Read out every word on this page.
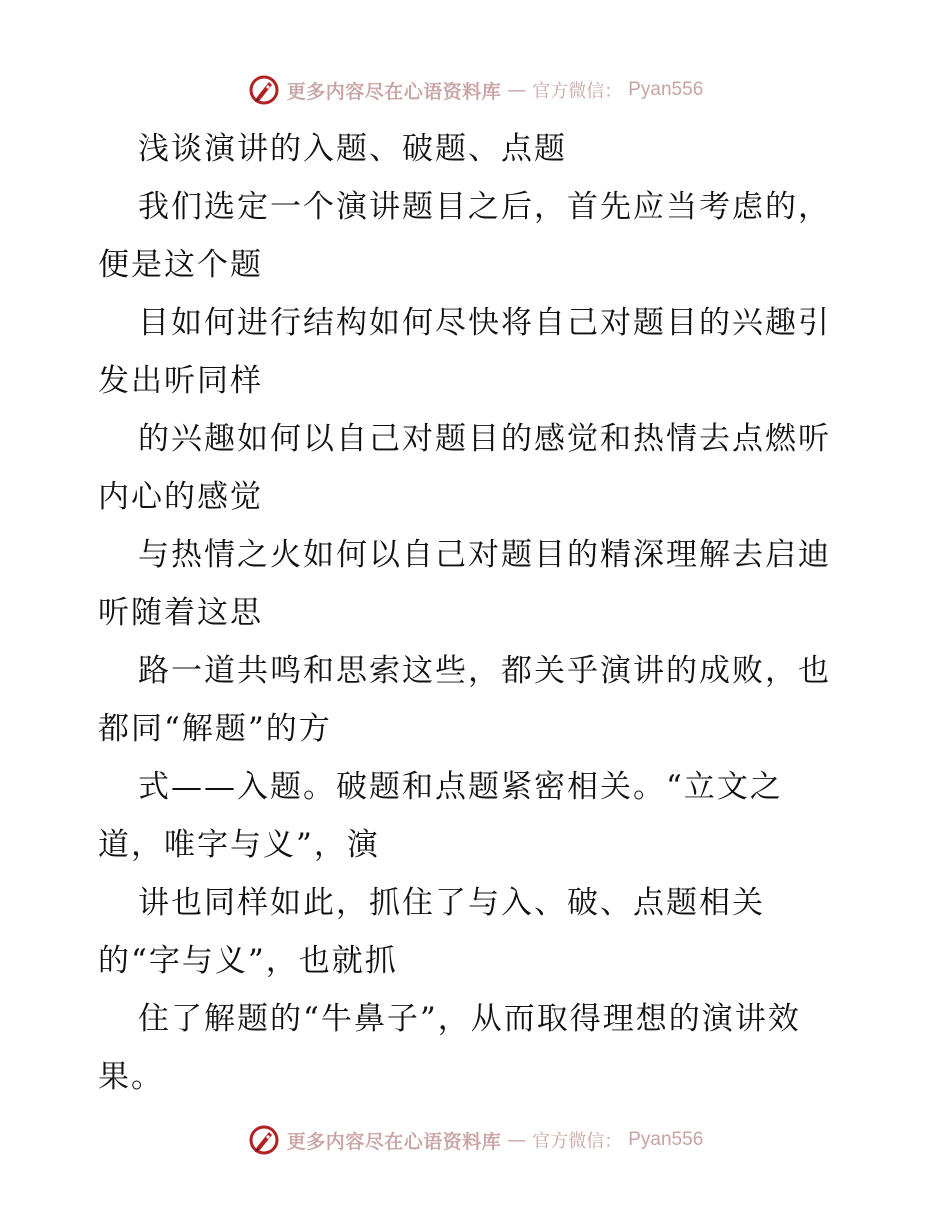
更多内容尽在心语资料库 — 官方微信： Pyan556
浅谈演讲的入题、破题、点题
我们选定一个演讲题目之后，首先应当考虑的，
便是这个题
目如何进行结构如何尽快将自己对题目的兴趣引
发出听同样
的兴趣如何以自己对题目的感觉和热情去点燃听
内心的感觉
与热情之火如何以自己对题目的精深理解去启迪
听随着这思
路一道共鸣和思索这些，都关乎演讲的成败，也
都同“解题”的方
式——入题。破题和点题紧密相关。“立文之
道，唯字与义”，演
讲也同样如此，抓住了与入、破、点题相关
的“字与义”，也就抓
住了解题的“牛鼻子”，从而取得理想的演讲效
果。
更多内容尽在心语资料库 — 官方微信： Pyan556
